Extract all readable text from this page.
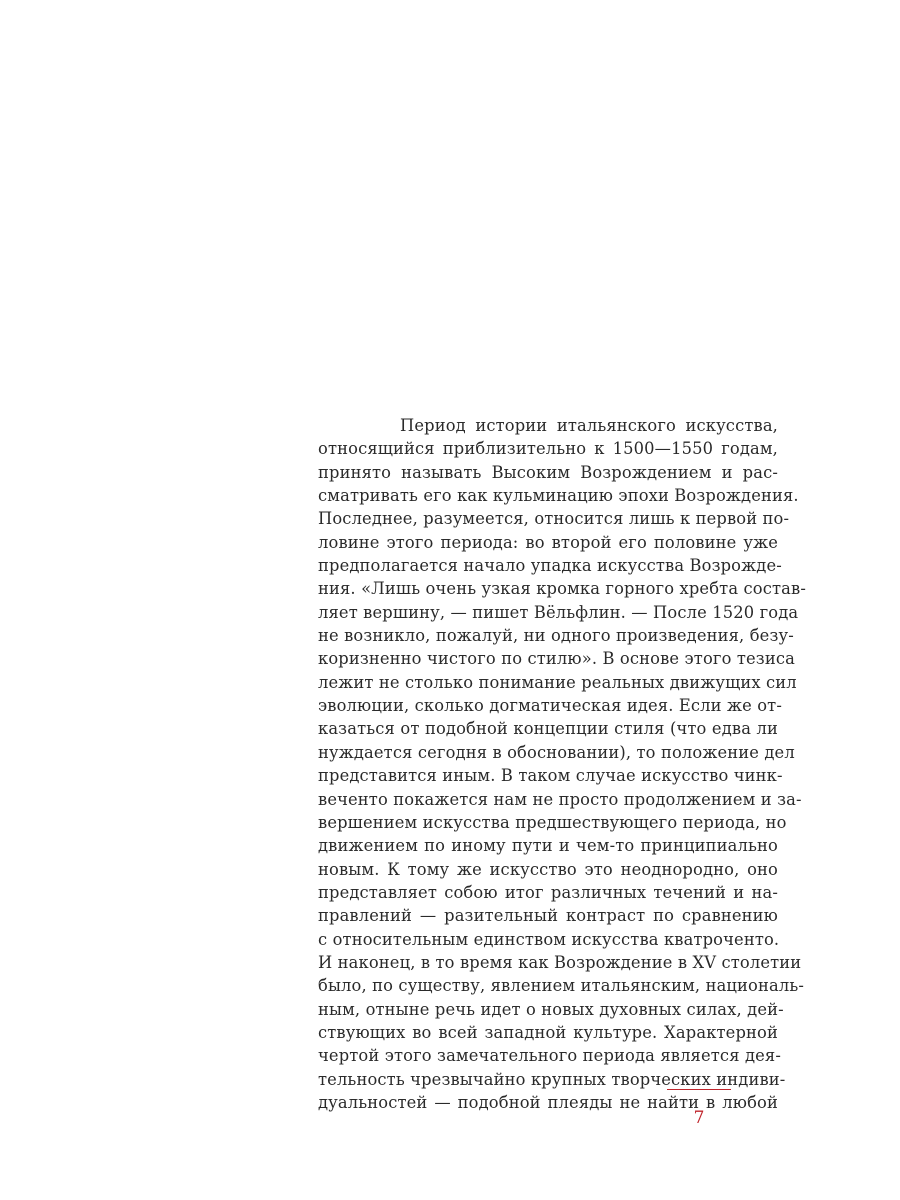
Период истории итальянского искусства,
относящийся приблизительно к 1500—1550 годам,
принято называть Высоким Возрождением и рас-
сматривать его как кульминацию эпохи Возрождения.
Последнее, разумеется, относится лишь к первой по-
ловине этого периода: во второй его половине уже
предполагается начало упадка искусства Возрожде-
ния. «Лишь очень узкая кромка горного хребта состав-
ляет вершину, — пишет Вёльфлин. — После 1520 года
не возникло, пожалуй, ни одного произведения, безу-
коризненно чистого по стилю». В основе этого тезиса
лежит не столько понимание реальных движущих сил
эволюции, сколько догматическая идея. Если же от-
казаться от подобной концепции стиля (что едва ли
нуждается сегодня в обосновании), то положение дел
представится иным. В таком случае искусство чинк-
веченто покажется нам не просто продолжением и за-
вершением искусства предшествующего периода, но
движением по иному пути и чем-то принципиально
новым. К тому же искусство это неоднородно, оно
представляет собою итог различных течений и на-
правлений — разительный контраст по сравнению
с относительным единством искусства кватроченто.
И наконец, в то время как Возрождение в XV столетии
было, по существу, явлением итальянским, националь-
ным, отныне речь идет о новых духовных силах, дей-
ствующих во всей западной культуре. Характерной
чертой этого замечательного периода является дея-
тельность чрезвычайно крупных творческих индиви-
дуальностей — подобной плеяды не найти в любой
7
